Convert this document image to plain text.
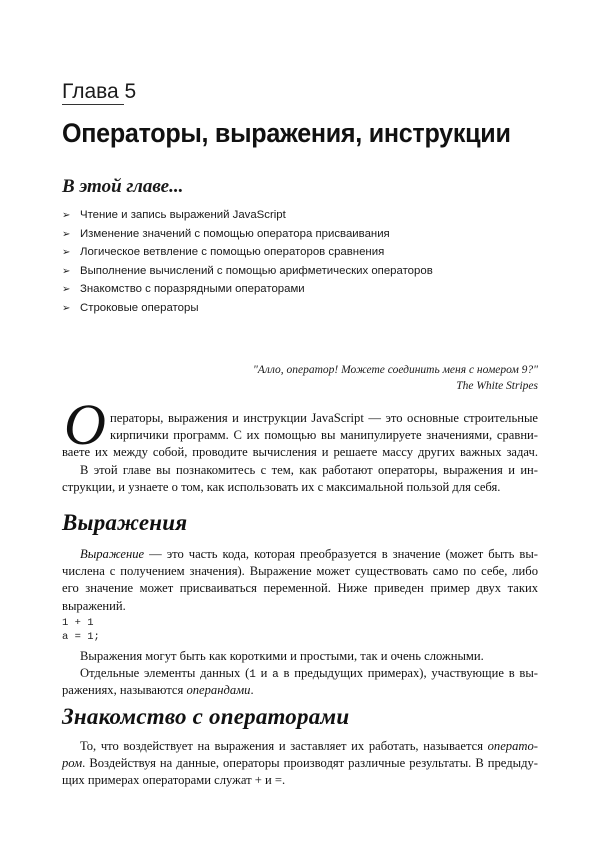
Глава 5
Операторы, выражения, инструкции
В этой главе...
➢ Чтение и запись выражений JavaScript
➢ Изменение значений с помощью оператора присваивания
➢ Логическое ветвление с помощью операторов сравнения
➢ Выполнение вычислений с помощью арифметических операторов
➢ Знакомство с поразрядными операторами
➢ Строковые операторы
"Алло, оператор! Можете соединить меня с номером 9?"
The White Stripes
О ператоры, выражения и инструкции JavaScript — это основные строительные
кирпичики программ. С их помощью вы манипулируете значениями, сравни-
ваете их между собой, проводите вычисления и решаете массу других важных задач.
В этой главе вы познакомитесь с тем, как работают операторы, выражения и ин-
струкции, и узнаете о том, как использовать их с максимальной пользой для себя.
Выражения
Выражение — это часть кода, которая преобразуется в значение (может быть вы-
числена с получением значения). Выражение может существовать само по себе, либо
его значение может присваиваться переменной. Ниже приведен пример двух таких
выражений.
1 + 1
a = 1;
Выражения могут быть как короткими и простыми, так и очень сложными.
Отдельные элементы данных (1 и a в предыдущих примерах), участвующие в вы-
ражениях, называются операндами.
Знакомство с операторами
То, что воздействует на выражения и заставляет их работать, называется операто-
ром. Воздействуя на данные, операторы производят различные результаты. В предыду-
щих примерах операторами служат + и =.
